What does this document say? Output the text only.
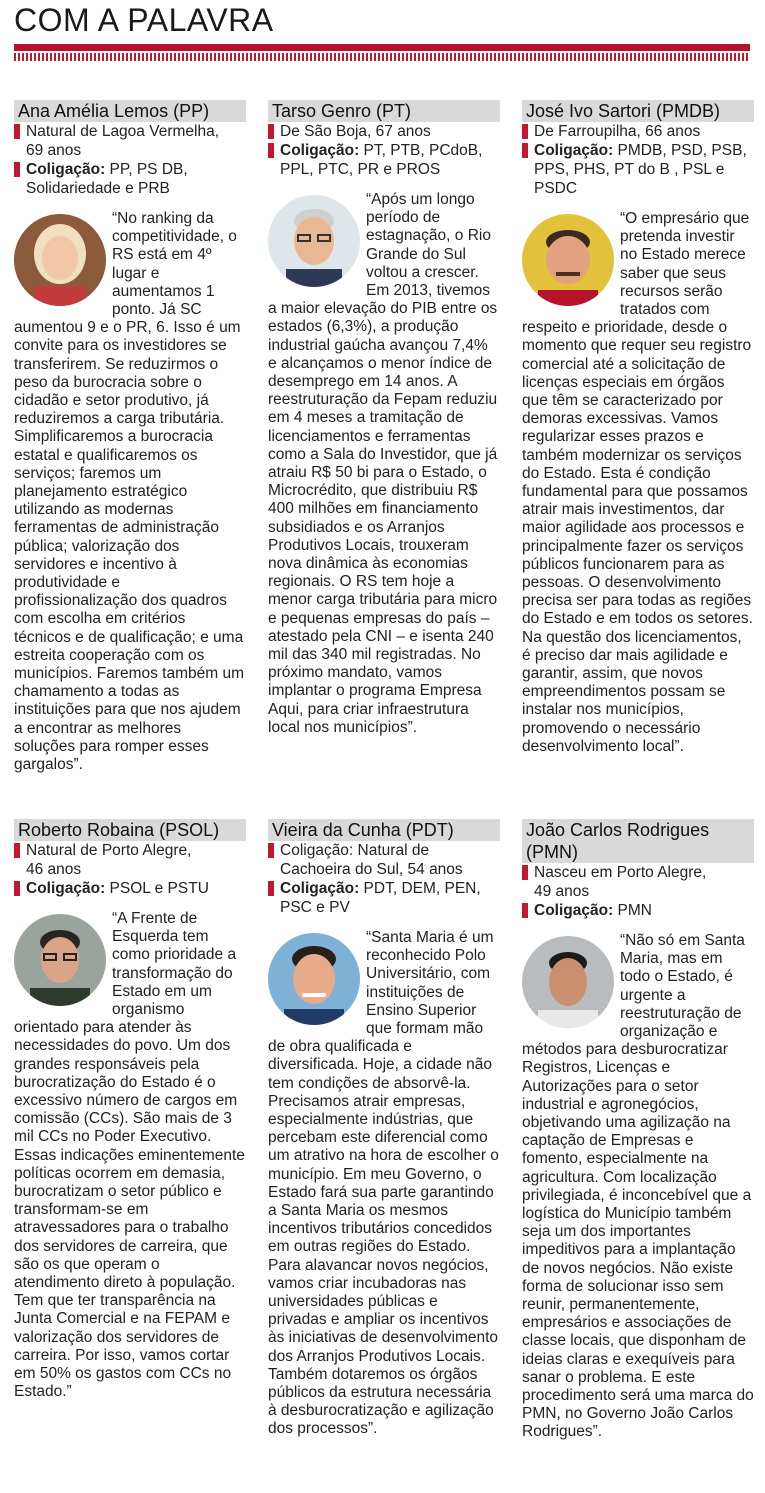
COM A PALAVRA
Ana Amélia Lemos (PP)
Natural de Lagoa Vermelha,
69 anos
Coligação: PP, PS DB, Solidariedade e PRB
“No ranking da competitividade, o RS está em 4º lugar e aumentamos 1 ponto. Já SC aumentou 9 e o PR, 6. Isso é um convite para os investidores se transferirem. Se reduzirmos o peso da burocracia sobre o cidadão e setor produtivo, já reduziremos a carga tributária. Simplificaremos a burocracia estatal e qualificaremos os serviços; faremos um planejamento estratégico utilizando as modernas ferramentas de administração pública; valorização dos servidores e incentivo à produtividade e profissionalização dos quadros com escolha em critérios técnicos e de qualificação; e uma estreita cooperação com os municípios. Faremos também um chamamento a todas as instituições para que nos ajudem a encontrar as melhores soluções para romper esses gargalos”.
Tarso Genro (PT)
De São Boja, 67 anos
Coligação: PT, PTB, PCdoB, PPL, PTC, PR e PROS
“Após um longo período de estagnação, o Rio Grande do Sul voltou a crescer. Em 2013, tivemos a maior elevação do PIB entre os estados (6,3%), a produção industrial gaúcha avançou 7,4% e alcançamos o menor índice de desemprego em 14 anos. A reestruturação da Fepam reduziu em 4 meses a tramitação de licenciamentos e ferramentas como a Sala do Investidor, que já atraiu R$ 50 bi para o Estado, o Microcrédito, que distribuiu R$ 400 milhões em financiamento subsidiados e os Arranjos Produtivos Locais, trouxeram nova dinâmica às economias regionais. O RS tem hoje a menor carga tributária para micro e pequenas empresas do país – atestado pela CNI – e isenta 240 mil das 340 mil registradas. No próximo mandato, vamos implantar o programa Empresa Aqui, para criar infraestrutura local nos municípios”.
José Ivo Sartori (PMDB)
De Farroupilha, 66 anos
Coligação: PMDB, PSD, PSB, PPS, PHS, PT do B , PSL e PSDC
“O empresário que pretenda investir no Estado merece saber que seus recursos serão tratados com respeito e prioridade, desde o momento que requer seu registro comercial até a solicitação de licenças especiais em órgãos que têm se caracterizado por demoras excessivas. Vamos regularizar esses prazos e também modernizar os serviços do Estado. Esta é condição fundamental para que possamos atrair mais investimentos, dar maior agilidade aos processos e principalmente fazer os serviços públicos funcionarem para as pessoas. O desenvolvimento precisa ser para todas as regiões do Estado e em todos os setores. Na questão dos licenciamentos, é preciso dar mais agilidade e garantir, assim, que novos empreendimentos possam se instalar nos municípios, promovendo o necessário desenvolvimento local”.
Roberto Robaina (PSOL)
Natural de Porto Alegre,
46 anos
Coligação: PSOL e PSTU
“A Frente de Esquerda tem como prioridade a transformação do Estado em um organismo orientado para atender às necessidades do povo. Um dos grandes responsáveis pela burocratização do Estado é o excessivo número de cargos em comissão (CCs). São mais de 3 mil CCs no Poder Executivo. Essas indicações eminentemente políticas ocorrem em demasia, burocratizam o setor público e transformam-se em atravessadores para o trabalho dos servidores de carreira, que são os que operam o atendimento direto à população. Tem que ter transparência na Junta Comercial e na FEPAM e valorização dos servidores de carreira. Por isso, vamos cortar em 50% os gastos com CCs no Estado.”
Vieira da Cunha (PDT)
Coligação: Natural de
Cachoeira do Sul, 54 anos
Coligação: PDT, DEM, PEN, PSC e PV
“Santa Maria é um reconhecido Polo Universitário, com instituições de Ensino Superior que formam mão de obra qualificada e diversificada. Hoje, a cidade não tem condições de absorvê-la. Precisamos atrair empresas, especialmente indústrias, que percebam este diferencial como um atrativo na hora de escolher o município. Em meu Governo, o Estado fará sua parte garantindo a Santa Maria os mesmos incentivos tributários concedidos em outras regiões do Estado. Para alavancar novos negócios, vamos criar incubadoras nas universidades públicas e privadas e ampliar os incentivos às iniciativas de desenvolvimento dos Arranjos Produtivos Locais. Também dotaremos os órgãos públicos da estrutura necessária à desburocratização e agilização dos processos”.
João Carlos Rodrigues (PMN)
Nasceu em Porto Alegre,
49 anos
Coligação: PMN
“Não só em Santa Maria, mas em todo o Estado, é urgente a reestruturação de organização e métodos para desburocratizar Registros, Licenças e Autorizações para o setor industrial e agronegócios, objetivando uma agilização na captação de Empresas e fomento, especialmente na agricultura. Com localização privilegiada, é inconcebível que a logística do Município também seja um dos importantes impeditivos para a implantação de novos negócios. Não existe forma de solucionar isso sem reunir, permanentemente, empresários e associações de classe locais, que disponham de ideias claras e exequíveis para sanar o problema. E este procedimento será uma marca do PMN, no Governo João Carlos Rodrigues”.
